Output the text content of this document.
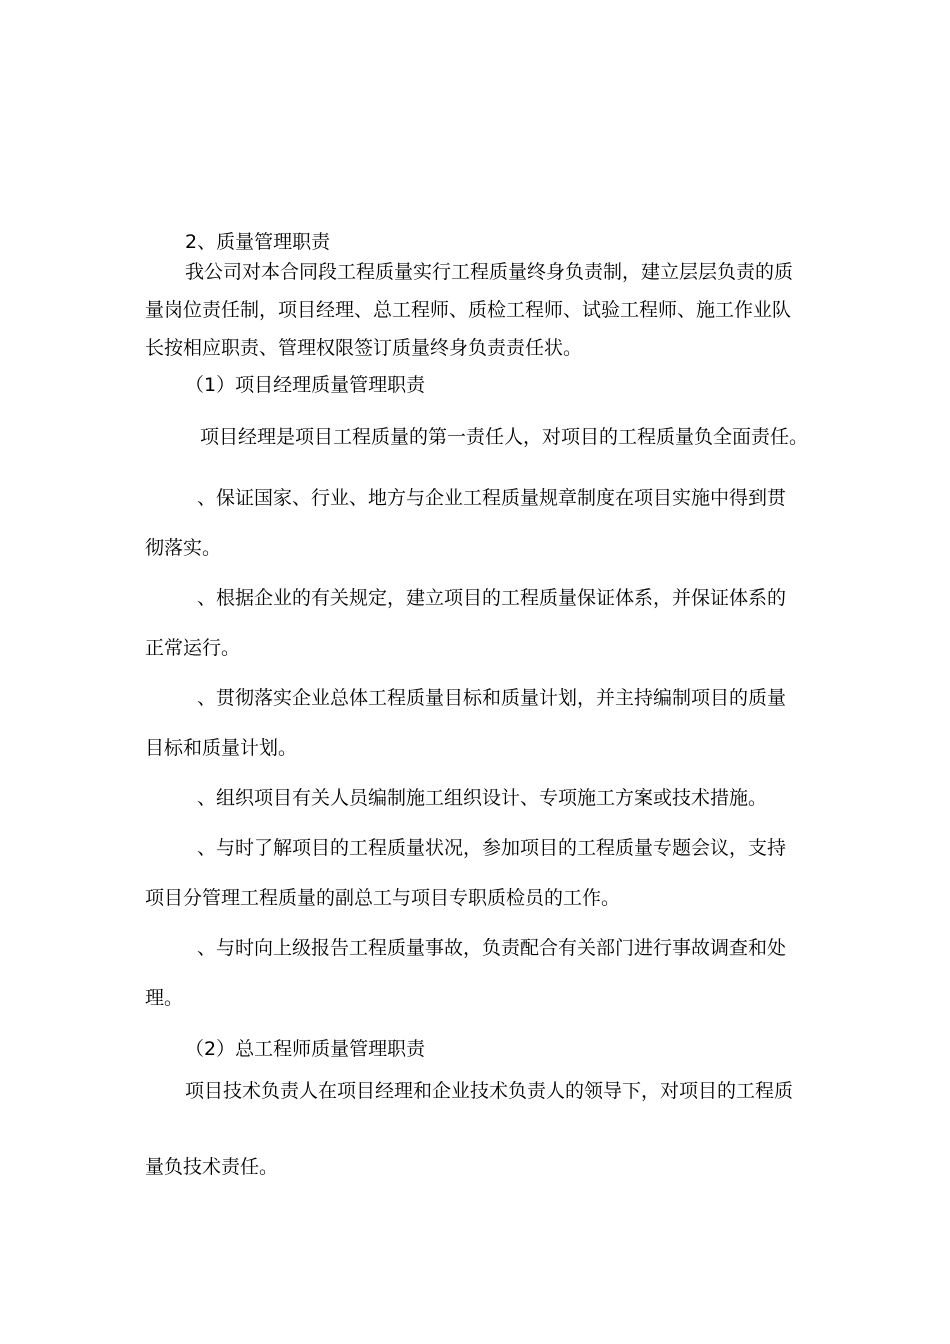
2、质量管理职责
我公司对本合同段工程质量实行工程质量终身负责制，建立层层负责的质
量岗位责任制，项目经理、总工程师、质检工程师、试验工程师、施工作业队
长按相应职责、管理权限签订质量终身负责责任状。
（1）项目经理质量管理职责
项目经理是项目工程质量的第一责任人，对项目的工程质量负全面责任。
、保证国家、行业、地方与企业工程质量规章制度在项目实施中得到贯
彻落实。
、根据企业的有关规定，建立项目的工程质量保证体系，并保证体系的
正常运行。
、贯彻落实企业总体工程质量目标和质量计划，并主持编制项目的质量
目标和质量计划。
、组织项目有关人员编制施工组织设计、专项施工方案或技术措施。
、与时了解项目的工程质量状况，参加项目的工程质量专题会议，支持
项目分管理工程质量的副总工与项目专职质检员的工作。
、与时向上级报告工程质量事故，负责配合有关部门进行事故调查和处
理。
（2）总工程师质量管理职责
项目技术负责人在项目经理和企业技术负责人的领导下，对项目的工程质
量负技术责任。
